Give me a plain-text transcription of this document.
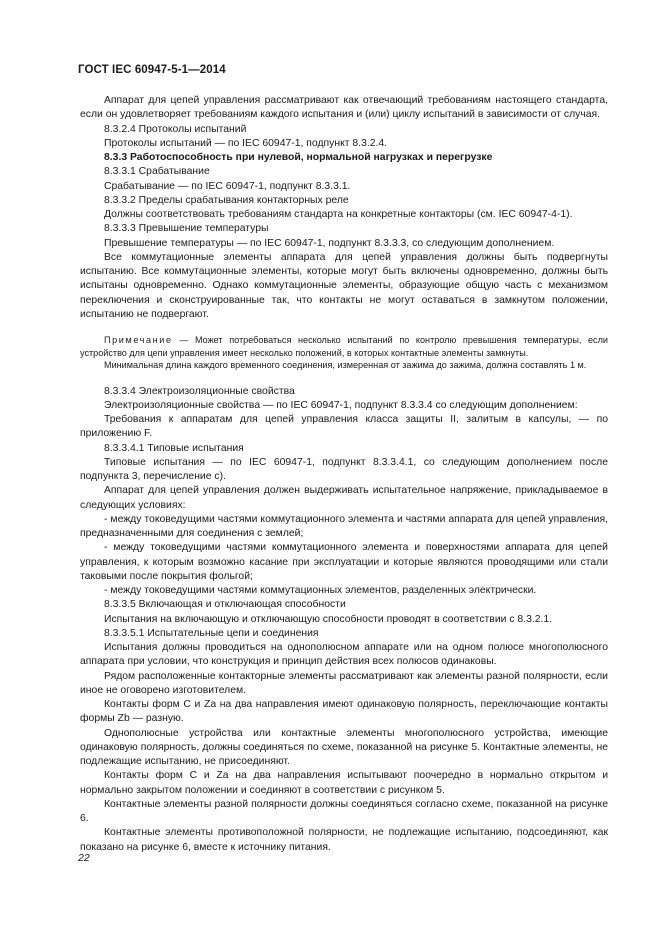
ГОСТ IEC 60947-5-1—2014

Аппарат для цепей управления рассматривают как отвечающий требованиям настоящего стандарта, если он удовлетворяет требованиям каждого испытания и (или) циклу испытаний в зависимости от случая.

8.3.2.4 Протоколы испытаний

Протоколы испытаний — по IEC 60947-1, подпункт 8.3.2.4.

8.3.3 Работоспособность при нулевой, нормальной нагрузках и перегрузке

8.3.3.1 Срабатывание

Срабатывание — по IEC 60947-1, подпункт 8.3.3.1.

8.3.3.2 Пределы срабатывания контакторных реле

Должны соответствовать требованиям стандарта на конкретные контакторы (см. IEC 60947-4-1).

8.3.3.3 Превышение температуры

Превышение температуры — по IEC 60947-1, подпункт 8.3.3.3, со следующим дополнением.

Все коммутационные элементы аппарата для цепей управления должны быть подвергнуты испытанию. Все коммутационные элементы, которые могут быть включены одновременно, должны быть испытаны одновременно. Однако коммутационные элементы, образующие общую часть с механизмом переключения и сконструированные так, что контакты не могут оставаться в замкнутом положении, испытанию не подвергают.

Примечание — Может потребоваться несколько испытаний по контролю превышения температуры, если устройство для цепи управления имеет несколько положений, в которых контактные элементы замкнуты.

Минимальная длина каждого временного соединения, измеренная от зажима до зажима, должна составлять 1 м.

8.3.3.4 Электроизоляционные свойства

Электроизоляционные свойства — по IEC 60947-1, подпункт 8.3.3.4 со следующим дополнением:

Требования к аппаратам для цепей управления класса защиты II, залитым в капсулы, — по приложению F.

8.3.3.4.1 Типовые испытания

Типовые испытания — по IEC 60947-1, подпункт 8.3.3.4.1, со следующим дополнением после подпункта 3, перечисление с).

Аппарат для цепей управления должен выдерживать испытательное напряжение, прикладываемое в следующих условиях:

- между токоведущими частями коммутационного элемента и частями аппарата для цепей управления, предназначенными для соединения с землей;

- между токоведущими частями коммутационного элемента и поверхностями аппарата для цепей управления, к которым возможно касание при эксплуатации и которые являются проводящими или стали таковыми после покрытия фольгой;

- между токоведущими частями коммутационных элементов, разделенных электрически.

8.3.3.5 Включающая и отключающая способности

Испытания на включающую и отключающую способности проводят в соответствии с 8.3.2.1.

8.3.3.5.1 Испытательные цепи и соединения

Испытания должны проводиться на однополюсном аппарате или на одном полюсе многополюсного аппарата при условии, что конструкция и принцип действия всех полюсов одинаковы.

Рядом расположенные контакторные элементы рассматривают как элементы разной полярности, если иное не оговорено изготовителем.

Контакты форм С и Za на два направления имеют одинаковую полярность, переключающие контакты формы Zb — разную.

Однополюсные устройства или контактные элементы многополюсного устройства, имеющие одинаковую полярность, должны соединяться по схеме, показанной на рисунке 5. Контактные элементы, не подлежащие испытанию, не присоединяют.

Контакты форм С и Za на два направления испытывают поочередно в нормально открытом и нормально закрытом положении и соединяют в соответствии с рисунком 5.

Контактные элементы разной полярности должны соединяться согласно схеме, показанной на рисунке 6.

Контактные элементы противоположной полярности, не подлежащие испытанию, подсоединяют, как показано на рисунке 6, вместе к источнику питания.

22
